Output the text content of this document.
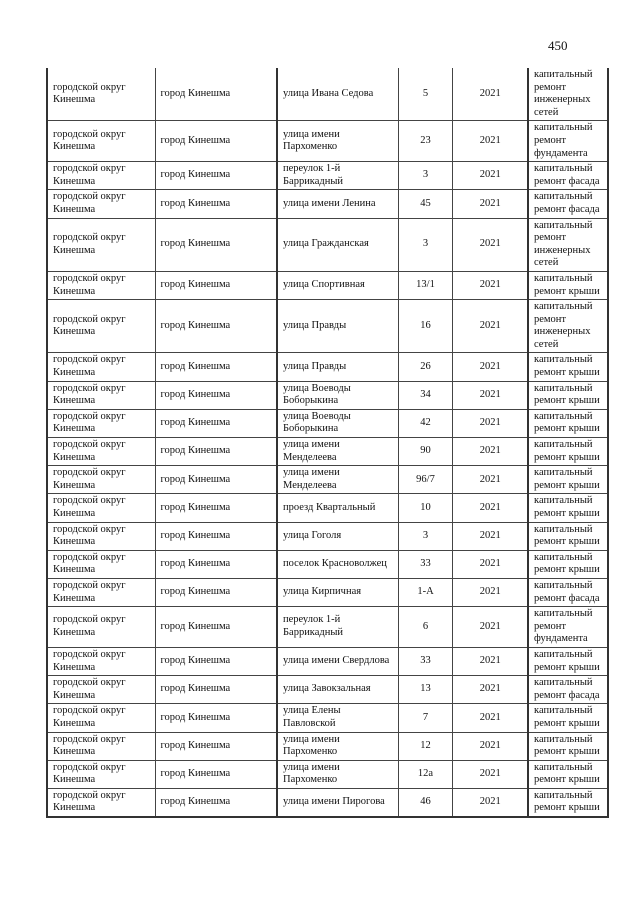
450
городской округ Кинешма	город Кинешма	улица Ивана Седова	5	2021	капитальный ремонт инженерных сетей
городской округ Кинешма	город Кинешма	улица имени Пархоменко	23	2021	капитальный ремонт фундамента
городской округ Кинешма	город Кинешма	переулок 1-й Баррикадный	3	2021	капитальный ремонт фасада
городской округ Кинешма	город Кинешма	улица имени Ленина	45	2021	капитальный ремонт фасада
городской округ Кинешма	город Кинешма	улица Гражданская	3	2021	капитальный ремонт инженерных сетей
городской округ Кинешма	город Кинешма	улица Спортивная	13/1	2021	капитальный ремонт крыши
городской округ Кинешма	город Кинешма	улица Правды	16	2021	капитальный ремонт инженерных сетей
городской округ Кинешма	город Кинешма	улица Правды	26	2021	капитальный ремонт крыши
городской округ Кинешма	город Кинешма	улица Воеводы Боборыкина	34	2021	капитальный ремонт крыши
городской округ Кинешма	город Кинешма	улица Воеводы Боборыкина	42	2021	капитальный ремонт крыши
городской округ Кинешма	город Кинешма	улица имени Менделеева	90	2021	капитальный ремонт крыши
городской округ Кинешма	город Кинешма	улица имени Менделеева	96/7	2021	капитальный ремонт крыши
городской округ Кинешма	город Кинешма	проезд Квартальный	10	2021	капитальный ремонт крыши
городской округ Кинешма	город Кинешма	улица Гоголя	3	2021	капитальный ремонт крыши
городской округ Кинешма	город Кинешма	поселок Красноволжец	33	2021	капитальный ремонт крыши
городской округ Кинешма	город Кинешма	улица Кирпичная	1-А	2021	капитальный ремонт фасада
городской округ Кинешма	город Кинешма	переулок 1-й Баррикадный	6	2021	капитальный ремонт фундамента
городской округ Кинешма	город Кинешма	улица имени Свердлова	33	2021	капитальный ремонт крыши
городской округ Кинешма	город Кинешма	улица Завокзальная	13	2021	капитальный ремонт фасада
городской округ Кинешма	город Кинешма	улица Елены Павловской	7	2021	капитальный ремонт крыши
городской округ Кинешма	город Кинешма	улица имени Пархоменко	12	2021	капитальный ремонт крыши
городской округ Кинешма	город Кинешма	улица имени Пархоменко	12а	2021	капитальный ремонт крыши
городской округ Кинешма	город Кинешма	улица имени Пирогова	46	2021	капитальный ремонт крыши
